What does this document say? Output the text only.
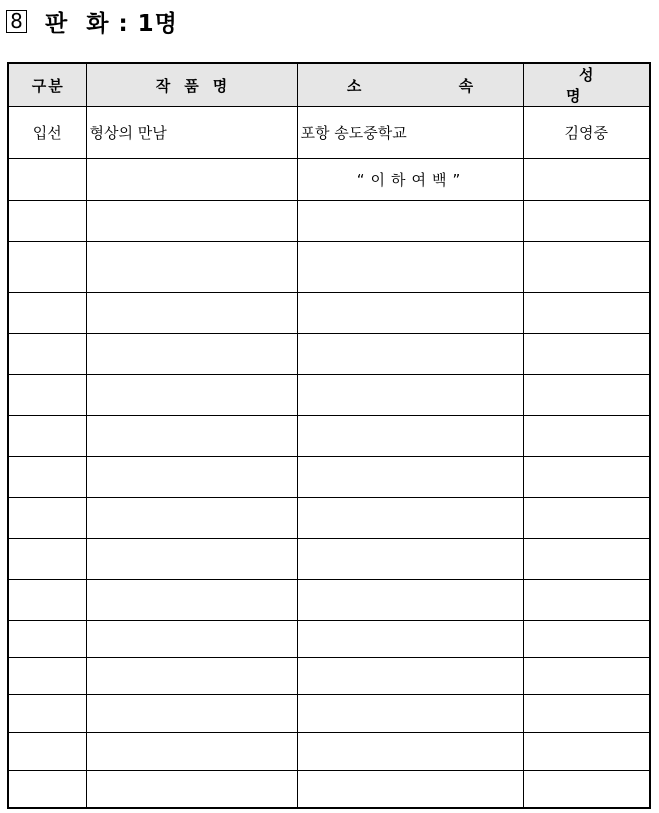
8 판  화 : 1명
구분	작품명	소 속	성 명
입선	형상의 만남	포항 송도중학교	김영중
		“이하여백”	
